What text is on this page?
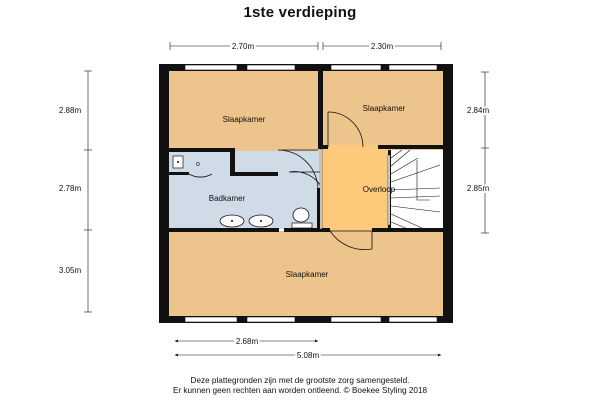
1ste verdieping
o
Slaapkamer
Slaapkamer
Badkamer
Overloop
Slaapkamer
2.70m	2.30m
2.88m
2.78m
3.05m
2.84m
2.85m
2.68m
5.08m
Deze plattegronden zijn met de grootste zorg samengesteld.
Er kunnen geen rechten aan worden ontleend. © Boekee Styling 2018
